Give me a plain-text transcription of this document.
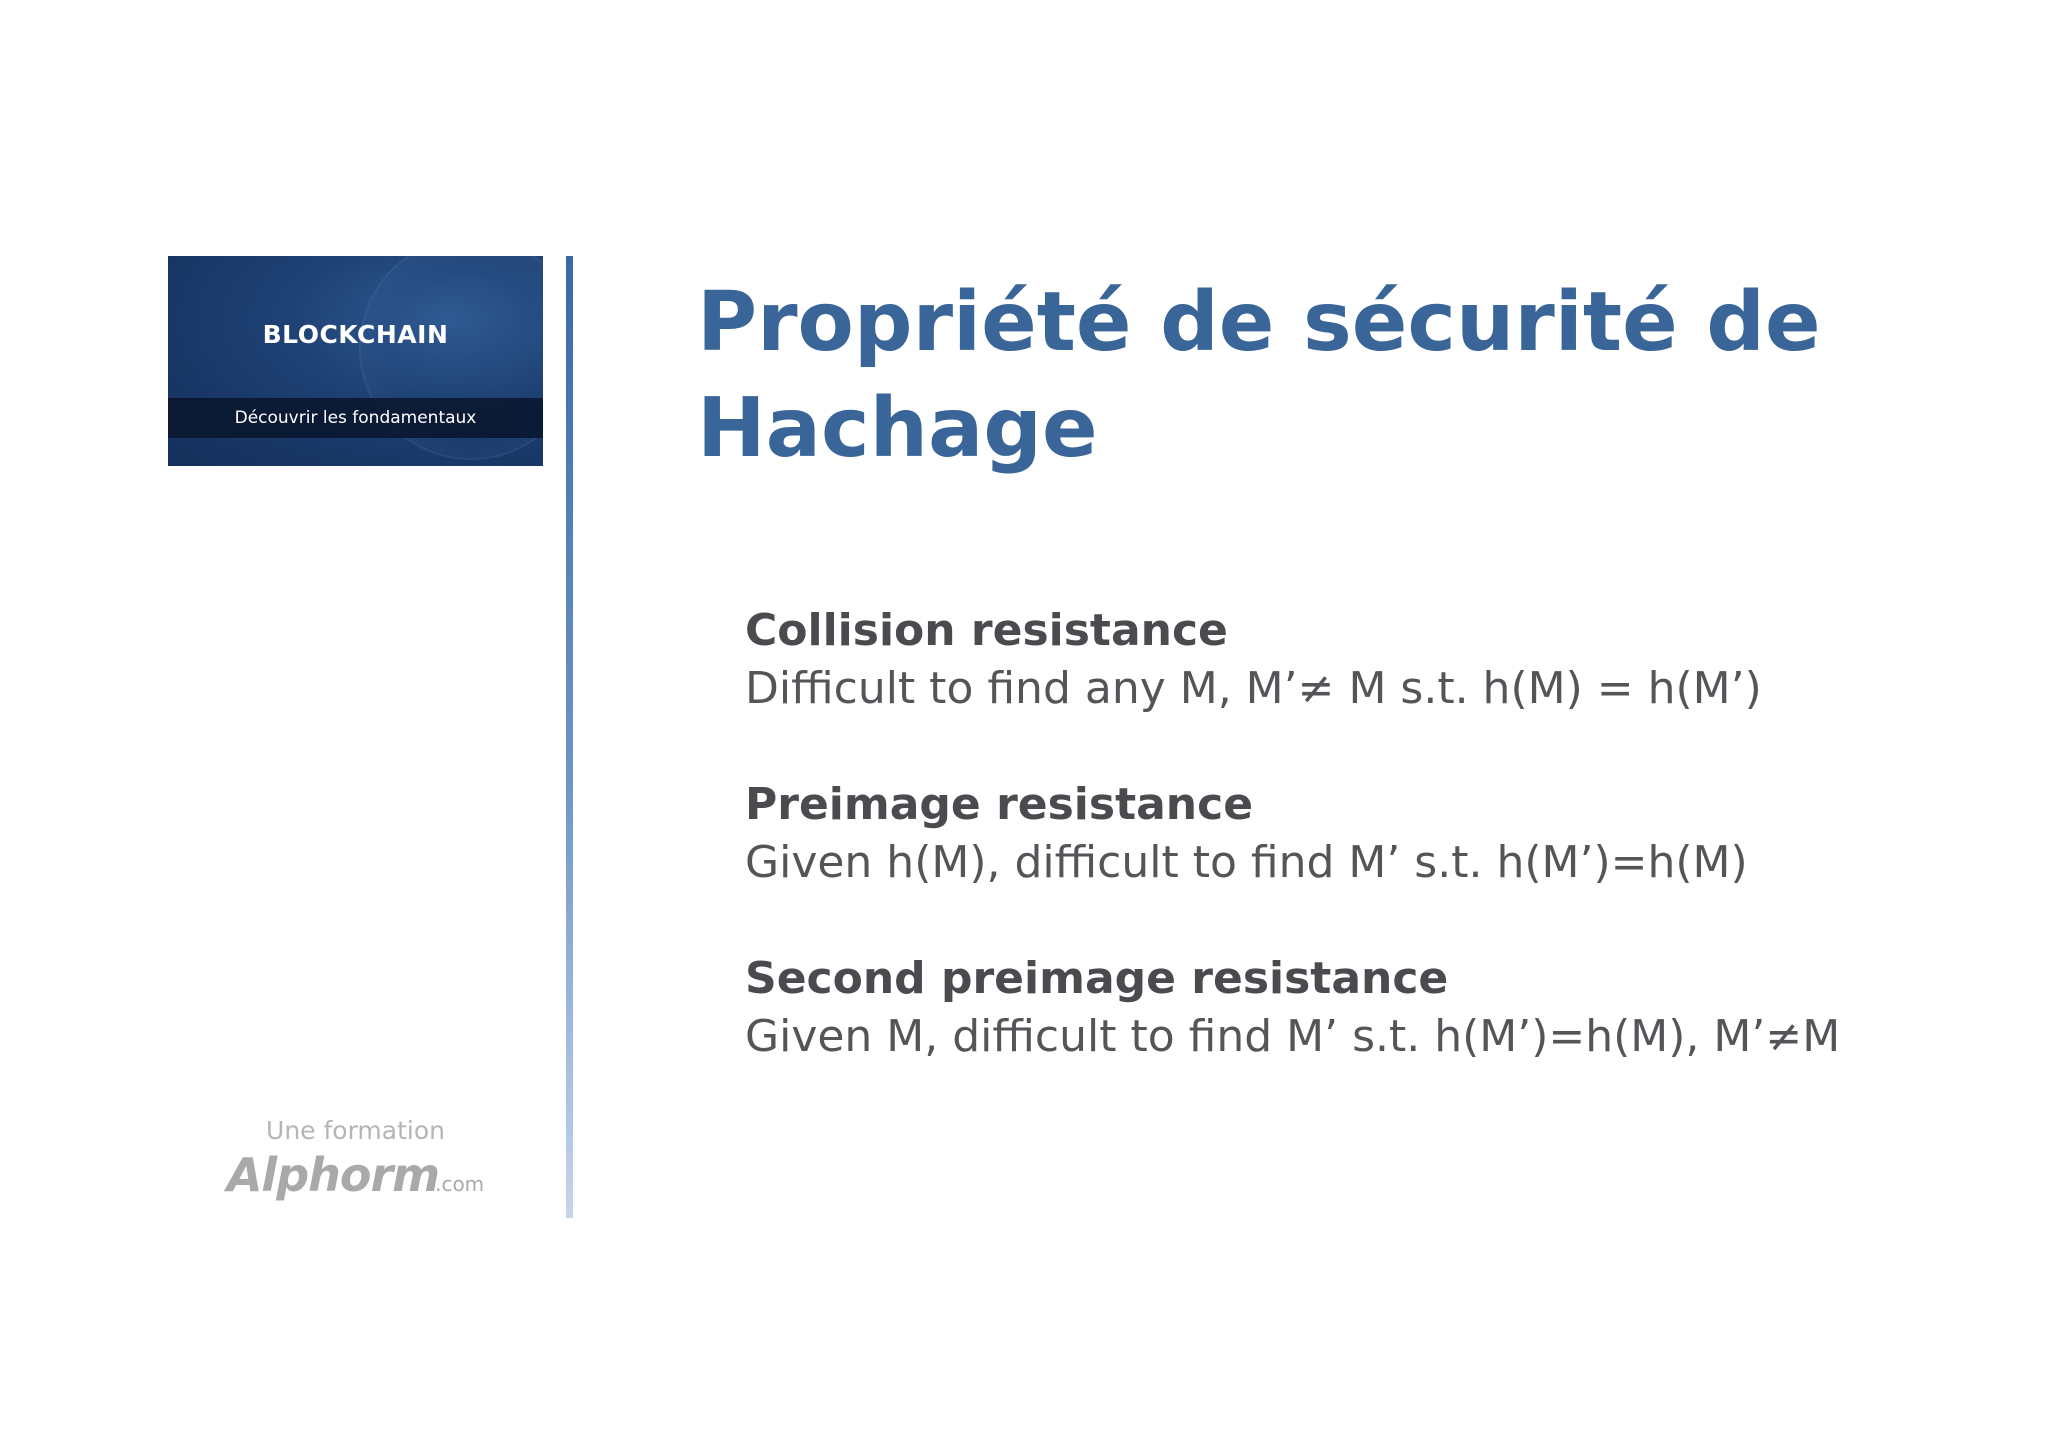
BLOCKCHAIN
Découvrir les fondamentaux
Une formation
Alphorm.com
Propriété de sécurité de
Hachage
Collision resistance
Difficult to find any M, M’≠ M s.t. h(M) = h(M’)
Preimage resistance
Given h(M), difficult to find M’ s.t. h(M’)=h(M)
Second preimage resistance
Given M, difficult to find M’ s.t. h(M’)=h(M), M’≠M
